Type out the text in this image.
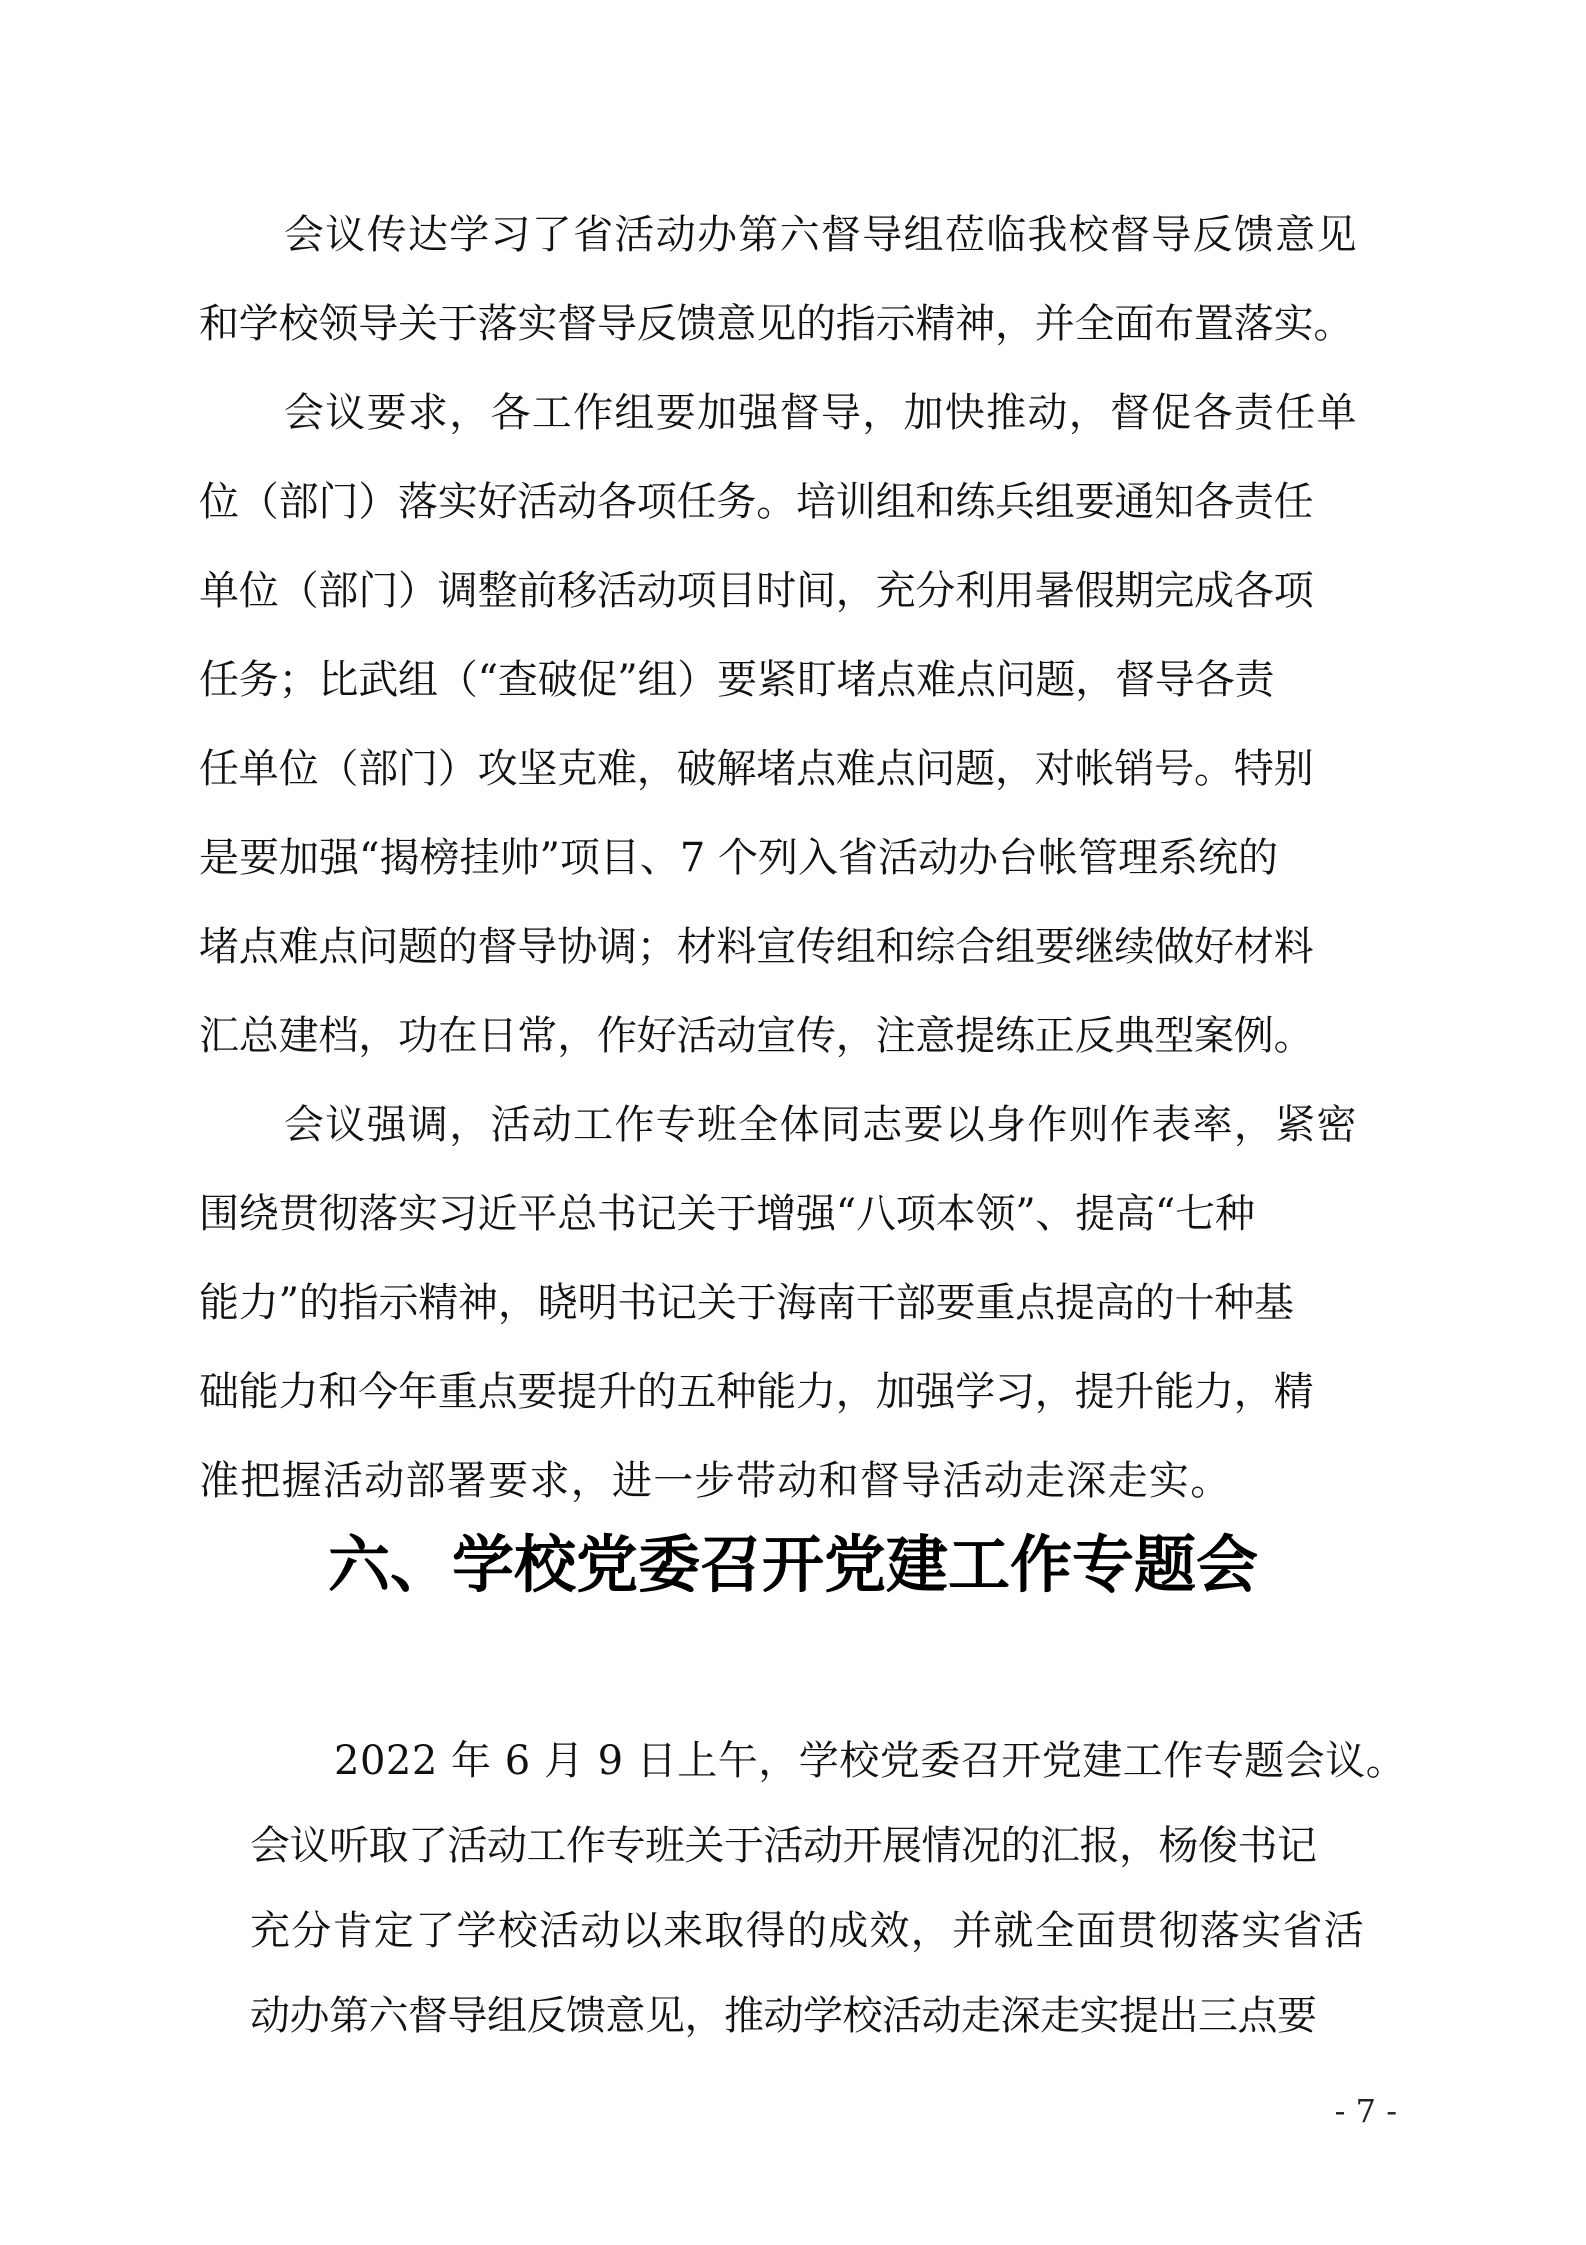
会议传达学习了省活动办第六督导组莅临我校督导反馈意见
和学校领导关于落实督导反馈意见的指示精神，并全面布置落实。
会议要求，各工作组要加强督导，加快推动，督促各责任单
位（部门）落实好活动各项任务。培训组和练兵组要通知各责任
单位（部门）调整前移活动项目时间，充分利用暑假期完成各项
任务；比武组（“查破促”组）要紧盯堵点难点问题，督导各责
任单位（部门）攻坚克难，破解堵点难点问题，对帐销号。特别
是要加强“揭榜挂帅”项目、7 个列入省活动办台帐管理系统的
堵点难点问题的督导协调；材料宣传组和综合组要继续做好材料
汇总建档，功在日常，作好活动宣传，注意提练正反典型案例。
会议强调，活动工作专班全体同志要以身作则作表率，紧密
围绕贯彻落实习近平总书记关于增强“八项本领”、提高“七种
能力”的指示精神，晓明书记关于海南干部要重点提高的十种基
础能力和今年重点要提升的五种能力，加强学习，提升能力，精
准把握活动部署要求，进一步带动和督导活动走深走实。
六、学校党委召开党建工作专题会
2022 年 6 月 9 日上午，学校党委召开党建工作专题会议。
会议听取了活动工作专班关于活动开展情况的汇报，杨俊书记
充分肯定了学校活动以来取得的成效，并就全面贯彻落实省活
动办第六督导组反馈意见，推动学校活动走深走实提出三点要
- 7 -
